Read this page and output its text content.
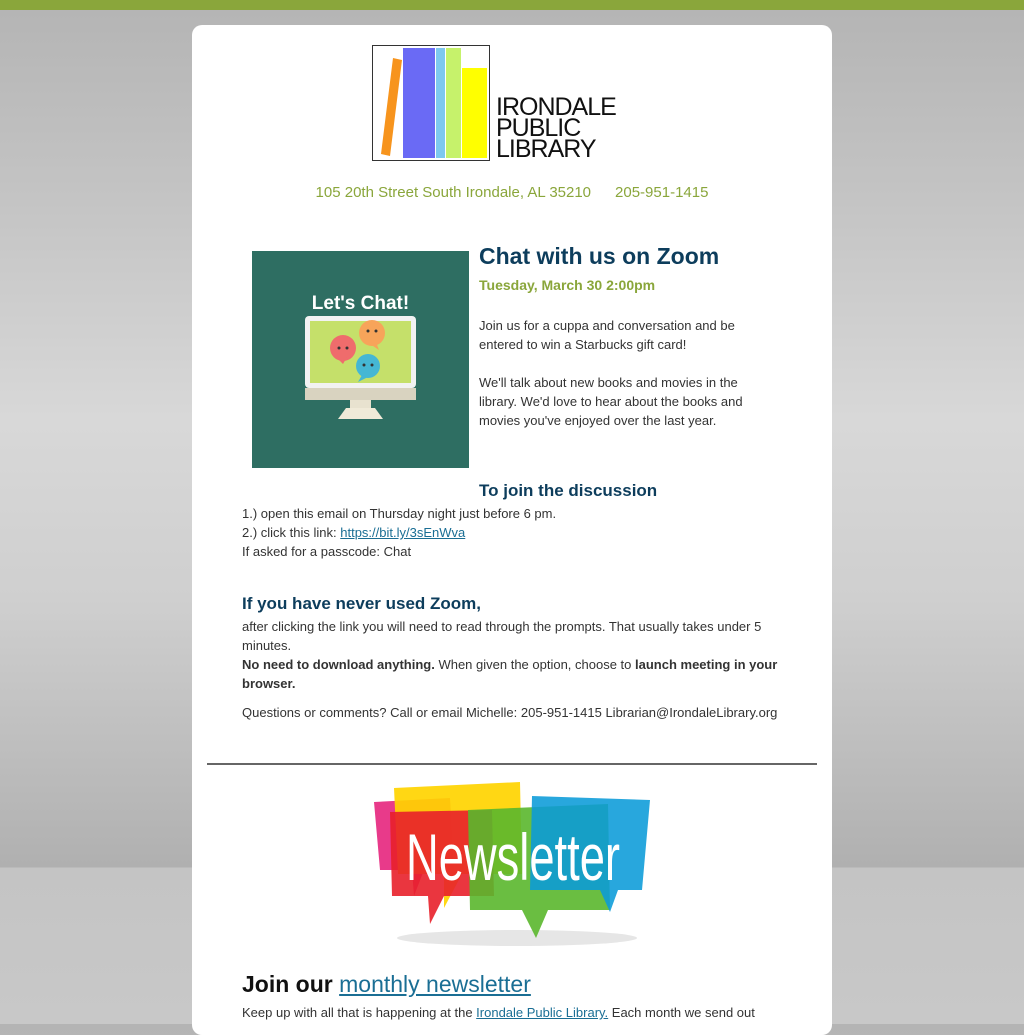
IRONDALE
PUBLIC
LIBRARY
105 20th Street South Irondale, AL 35210 205-951-1415
Let's Chat!
Chat with us on Zoom
Tuesday, March 30 2:00pm
Join us for a cuppa and conversation and be entered to win a Starbucks gift card!
We'll talk about new books and movies in the library. We'd love to hear about the books and movies you've enjoyed over the last year.
To join the discussion
1.) open this email on Thursday night just before 6 pm.
2.) click this link: https://bit.ly/3sEnWva
If asked for a passcode: Chat
If you have never used Zoom,
after clicking the link you will need to read through the prompts. That usually takes under 5 minutes.
No need to download anything. When given the option, choose to launch meeting in your browser.
Questions or comments? Call or email Michelle: 205-951-1415 Librarian@IrondaleLibrary.org
Newsletter
Join our monthly newsletter
Keep up with all that is happening at the Irondale Public Library. Each month we send out
